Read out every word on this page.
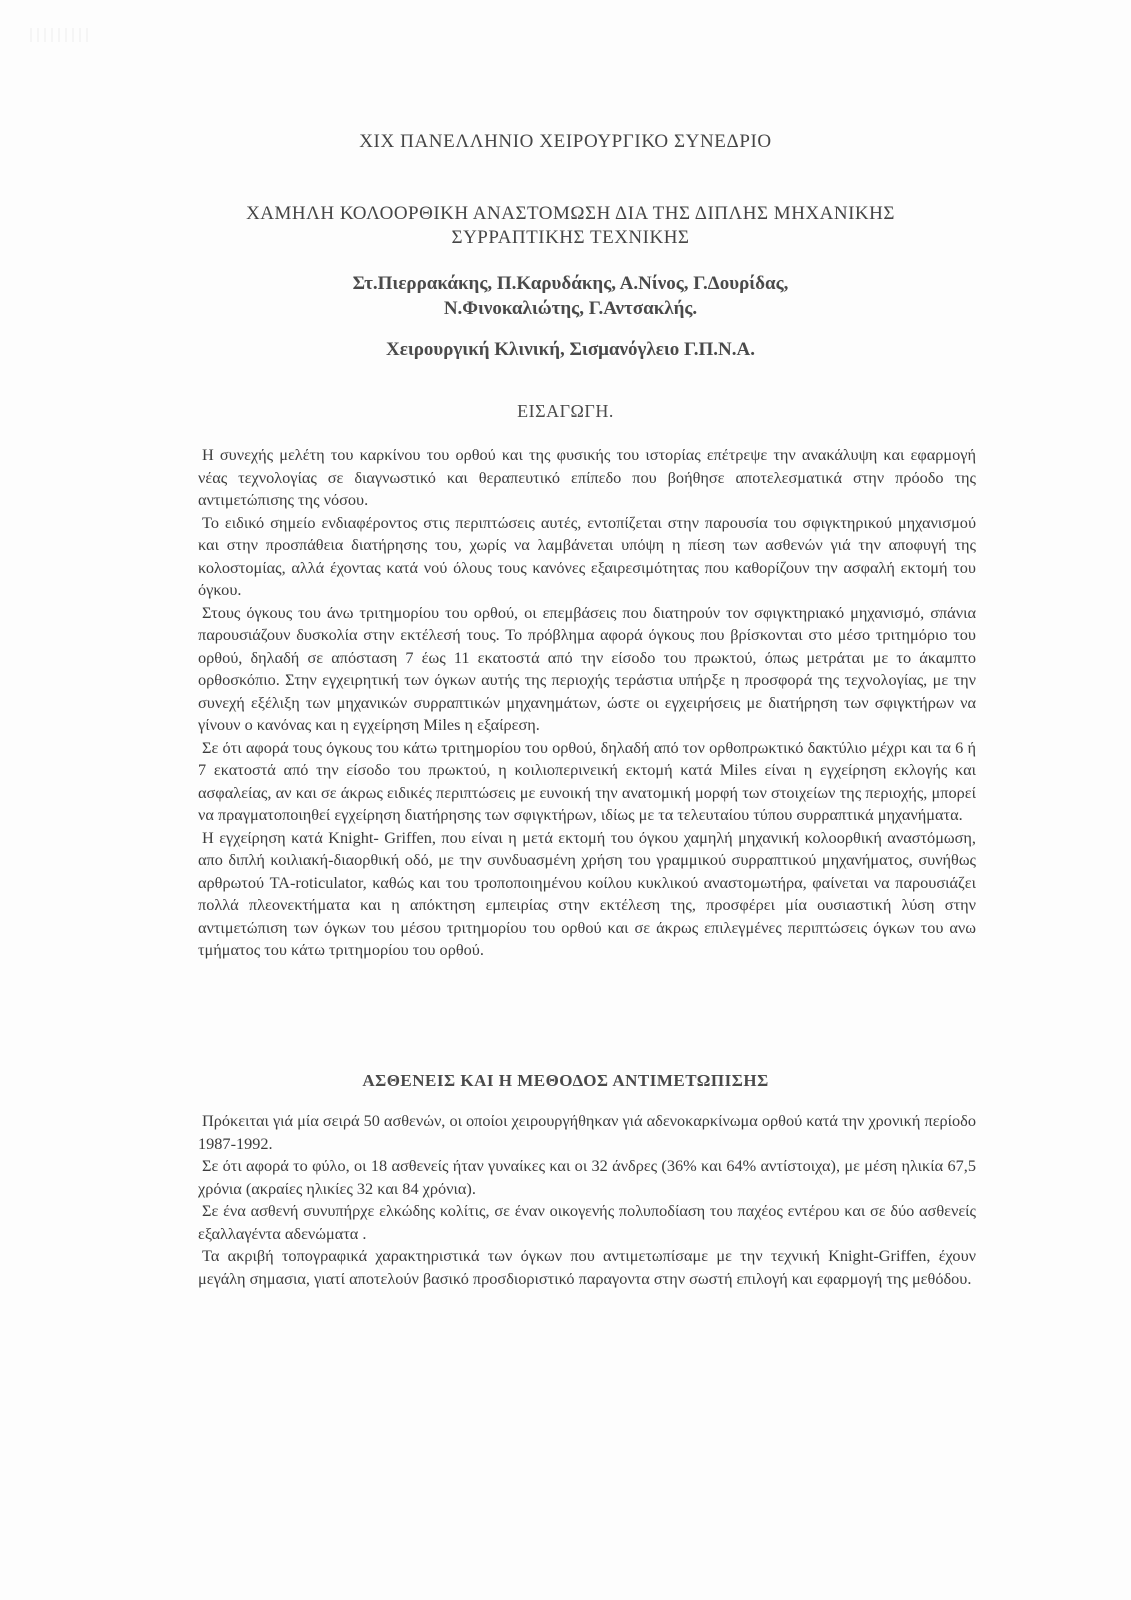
XIX ΠΑΝΕΛΛΗΝΙΟ ΧΕΙΡΟΥΡΓΙΚΟ ΣΥΝΕΔΡΙΟ
ΧΑΜΗΛΗ ΚΟΛΟΟΡΘΙΚΗ ΑΝΑΣΤΟΜΩΣΗ ΔΙΑ ΤΗΣ ΔΙΠΛΗΣ ΜΗΧΑΝΙΚΗΣ
ΣΥΡΡΑΠΤΙΚΗΣ ΤΕΧΝΙΚΗΣ
Στ.Πιερρακάκης, Π.Καρυδάκης, Α.Νίνος, Γ.Δουρίδας,
Ν.Φινοκαλιώτης, Γ.Αντσακλής.
Χειρουργική Κλινική, Σισμανόγλειο Γ.Π.Ν.Α.
ΕΙΣΑΓΩΓΗ.

Η συνεχής μελέτη του καρκίνου του ορθού και της φυσικής του ιστορίας επέτρεψε την ανακάλυψη και εφαρμογή νέας τεχνολογίας σε διαγνωστικό και θεραπευτικό επίπεδο που βοήθησε αποτελεσματικά στην πρόοδο της αντιμετώπισης της νόσου.

Το ειδικό σημείο ενδιαφέροντος στις περιπτώσεις αυτές, εντοπίζεται στην παρουσία του σφιγκτηρικού μηχανισμού και στην προσπάθεια διατήρησης του, χωρίς να λαμβάνεται υπόψη η πίεση των ασθενών γιά την αποφυγή της κολοστομίας, αλλά έχοντας κατά νού όλους τους κανόνες εξαιρεσιμότητας που καθορίζουν την ασφαλή εκτομή του όγκου.

Στους όγκους του άνω τριτημορίου του ορθού, οι επεμβάσεις που διατηρούν τον σφιγκτηριακό μηχανισμό, σπάνια παρουσιάζουν δυσκολία στην εκτέλεσή τους. Το πρόβλημα αφορά όγκους που βρίσκονται στο μέσο τριτημόριο του ορθού, δηλαδή σε απόσταση 7 έως 11 εκατοστά από την είσοδο του πρωκτού, όπως μετράται με το άκαμπτο ορθοσκόπιο. Στην εγχειρητική των όγκων αυτής της περιοχής τεράστια υπήρξε η προσφορά της τεχνολογίας, με την συνεχή εξέλιξη των μηχανικών συρραπτικών μηχανημάτων, ώστε οι εγχειρήσεις με διατήρηση των σφιγκτήρων να γίνουν ο κανόνας και η εγχείρηση Miles η εξαίρεση.

Σε ότι αφορά τους όγκους του κάτω τριτημορίου του ορθού, δηλαδή από τον ορθοπρωκτικό δακτύλιο μέχρι και τα 6 ή 7 εκατοστά από την είσοδο του πρωκτού, η κοιλιοπερινεική εκτομή κατά Miles είναι η εγχείρηση εκλογής και ασφαλείας, αν και σε άκρως ειδικές περιπτώσεις με ευνοική την ανατομική μορφή των στοιχείων της περιοχής, μπορεί να πραγματοποιηθεί εγχείρηση διατήρησης των σφιγκτήρων, ιδίως με τα τελευταίου τύπου συρραπτικά μηχανήματα.

Η εγχείρηση κατά Knight- Griffen, που είναι η μετά εκτομή του όγκου χαμηλή μηχανική κολοορθική αναστόμωση, απο διπλή κοιλιακή-διαορθική οδό, με την συνδυασμένη χρήση του γραμμικού συρραπτικού μηχανήματος, συνήθως αρθρωτού TA-roticulator, καθώς και του τροποποιημένου κοίλου κυκλικού αναστομωτήρα, φαίνεται να παρουσιάζει πολλά πλεονεκτήματα και η απόκτηση εμπειρίας στην εκτέλεση της, προσφέρει μία ουσιαστική λύση στην αντιμετώπιση των όγκων του μέσου τριτημορίου του ορθού και σε άκρως επιλεγμένες περιπτώσεις όγκων του ανω τμήματος του κάτω τριτημορίου του ορθού.

ΑΣΘΕΝΕΙΣ ΚΑΙ Η ΜΕΘΟΔΟΣ ΑΝΤΙΜΕΤΩΠΙΣΗΣ

Πρόκειται γιά μία σειρά 50 ασθενών, οι οποίοι χειρουργήθηκαν γιά αδενοκαρκίνωμα ορθού κατά την χρονική περίοδο 1987-1992.

Σε ότι αφορά το φύλο, οι 18 ασθενείς ήταν γυναίκες και οι 32 άνδρες (36% και 64% αντίστοιχα), με μέση ηλικία 67,5 χρόνια (ακραίες ηλικίες 32 και 84 χρόνια).

Σε ένα ασθενή συνυπήρχε ελκώδης κολίτις, σε έναν οικογενής πολυποδίαση του παχέος εντέρου και σε δύο ασθενείς εξαλλαγέντα αδενώματα .

Τα ακριβή τοπογραφικά χαρακτηριστικά των όγκων που αντιμετωπίσαμε με την τεχνική Knight-Griffen, έχουν μεγάλη σημασια, γιατί αποτελούν βασικό προσδιοριστικό παραγοντα στην σωστή επιλογή και εφαρμογή της μεθόδου.
